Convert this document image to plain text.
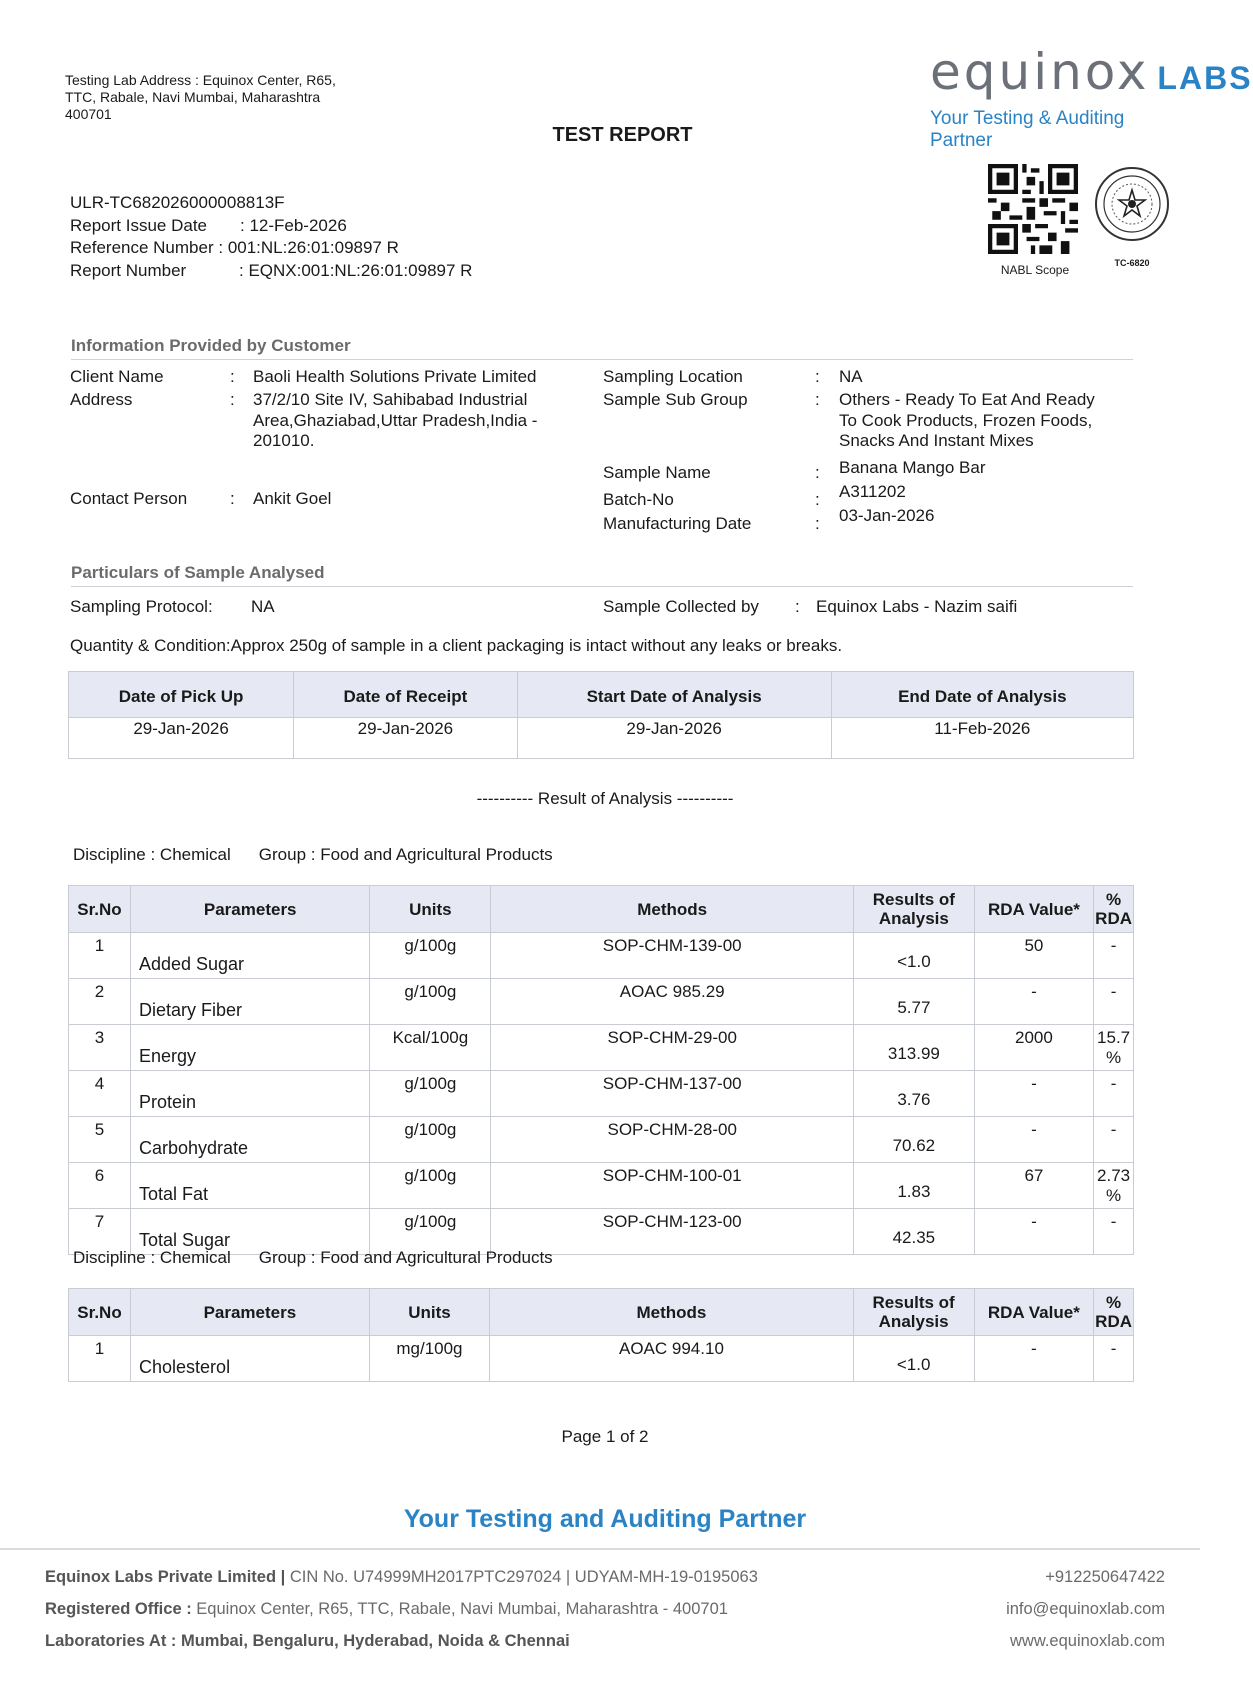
Testing Lab Address : Equinox Center, R65,
TTC, Rabale, Navi Mumbai, Maharashtra
400701
TEST REPORT
equinox LABS
Your Testing & Auditing Partner
NABL Scope	TC-6820
ULR-TC682026000008813F
Report Issue Date : 12-Feb-2026
Reference Number : 001:NL:26:01:09897 R
Report Number	: EQNX:001:NL:26:01:09897 R
Information Provided by Customer
Client Name	: Baoli Health Solutions Private Limited
Address	: 37/2/10 Site IV, Sahibabad Industrial
Area,Ghaziabad,Uttar Pradesh,India -
201010.
Contact Person	: Ankit Goel
Sampling Location	: NA
Sample Sub Group	: Others - Ready To Eat And Ready
To Cook Products, Frozen Foods,
Snacks And Instant Mixes
Sample Name	: Banana Mango Bar
Batch-No	: A311202
Manufacturing Date	: 03-Jan-2026
Particulars of Sample Analysed
Sampling Protocol: NA	Sample Collected by : Equinox Labs - Nazim saifi
Quantity & Condition:Approx 250g of sample in a client packaging is intact without any leaks or breaks.
Date of Pick Up	Date of Receipt	Start Date of Analysis	End Date of Analysis
29-Jan-2026	29-Jan-2026	29-Jan-2026	11-Feb-2026
---------- Result of Analysis ----------
Discipline : Chemical Group : Food and Agricultural Products
Sr.No	Parameters	Units	Methods	Results of Analysis	RDA Value*	% RDA

1	Added Sugar	g/100g	SOP-CHM-139-00	<1.0	50	-

2	Dietary Fiber	g/100g	AOAC 985.29	5.77	-	-

3	Energy	Kcal/100g	SOP-CHM-29-00	313.99	2000	15.7 %

4	Protein	g/100g	SOP-CHM-137-00	3.76	-	-

5	Carbohydrate	g/100g	SOP-CHM-28-00	70.62	-	-

6	Total Fat	g/100g	SOP-CHM-100-01	1.83	67	2.73 %

7	Total Sugar	g/100g	SOP-CHM-123-00	42.35	-	-
Discipline : Chemical Group : Food and Agricultural Products
Sr.No	Parameters	Units	Methods	Results of Analysis	RDA Value*	% RDA

1	Cholesterol	mg/100g	AOAC 994.10	<1.0	-	-
Page 1 of 2
Your Testing and Auditing Partner
Equinox Labs Private Limited | CIN No. U74999MH2017PTC297024 | UDYAM-MH-19-0195063	+912250647422
Registered Office : Equinox Center, R65, TTC, Rabale, Navi Mumbai, Maharashtra - 400701	info@equinoxlab.com
Laboratories At : Mumbai, Bengaluru, Hyderabad, Noida & Chennai	www.equinoxlab.com
